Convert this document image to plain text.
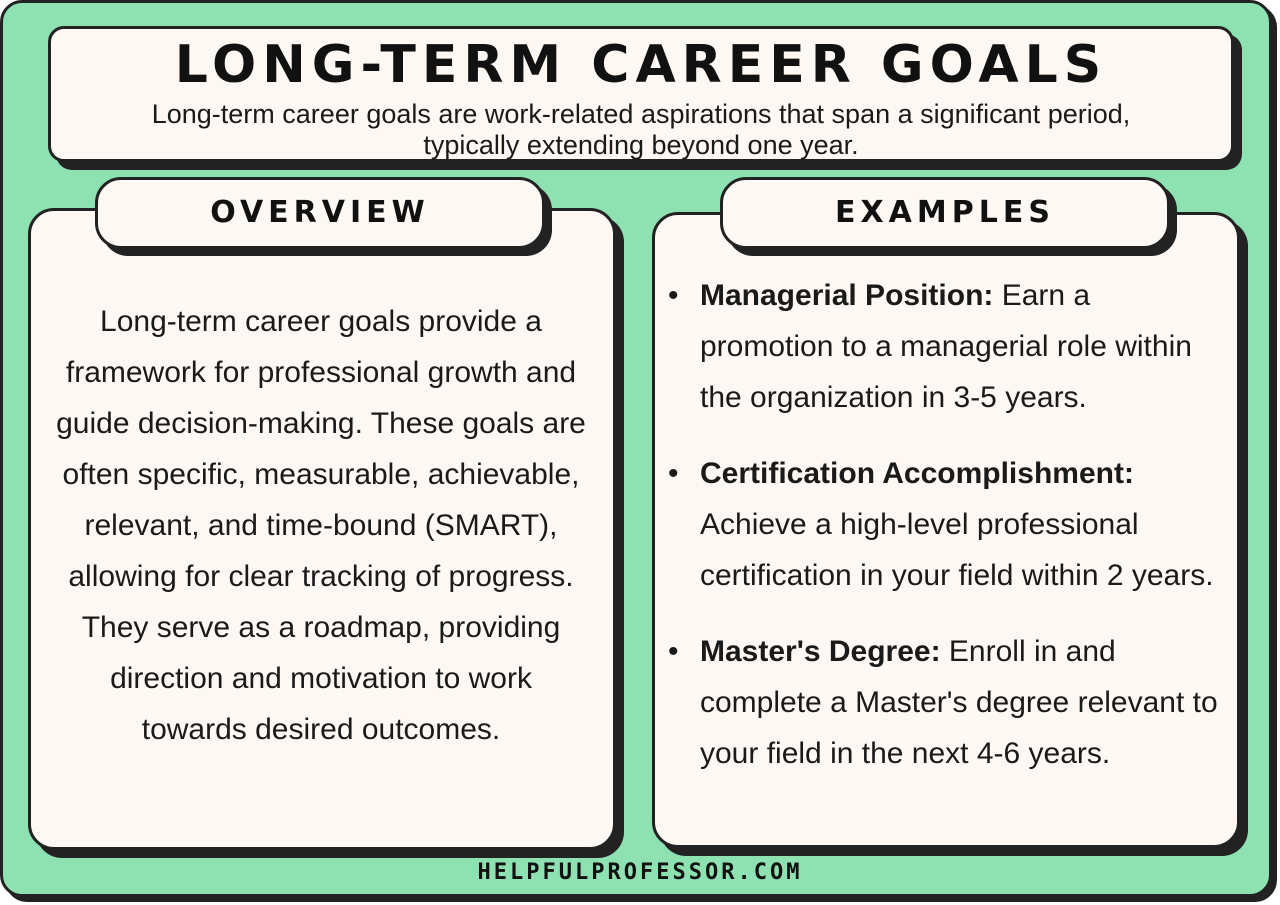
LONG-TERM CAREER GOALS
Long-term career goals are work-related aspirations that span a significant period, typically extending beyond one year.
OVERVIEW
Long-term career goals provide a framework for professional growth and guide decision-making. These goals are often specific, measurable, achievable, relevant, and time-bound (SMART), allowing for clear tracking of progress. They serve as a roadmap, providing direction and motivation to work towards desired outcomes.
EXAMPLES
• Managerial Position: Earn a promotion to a managerial role within the organization in 3-5 years.
• Certification Accomplishment: Achieve a high-level professional certification in your field within 2 years.
• Master's Degree: Enroll in and complete a Master's degree relevant to your field in the next 4-6 years.
HELPFULPROFESSOR.COM
